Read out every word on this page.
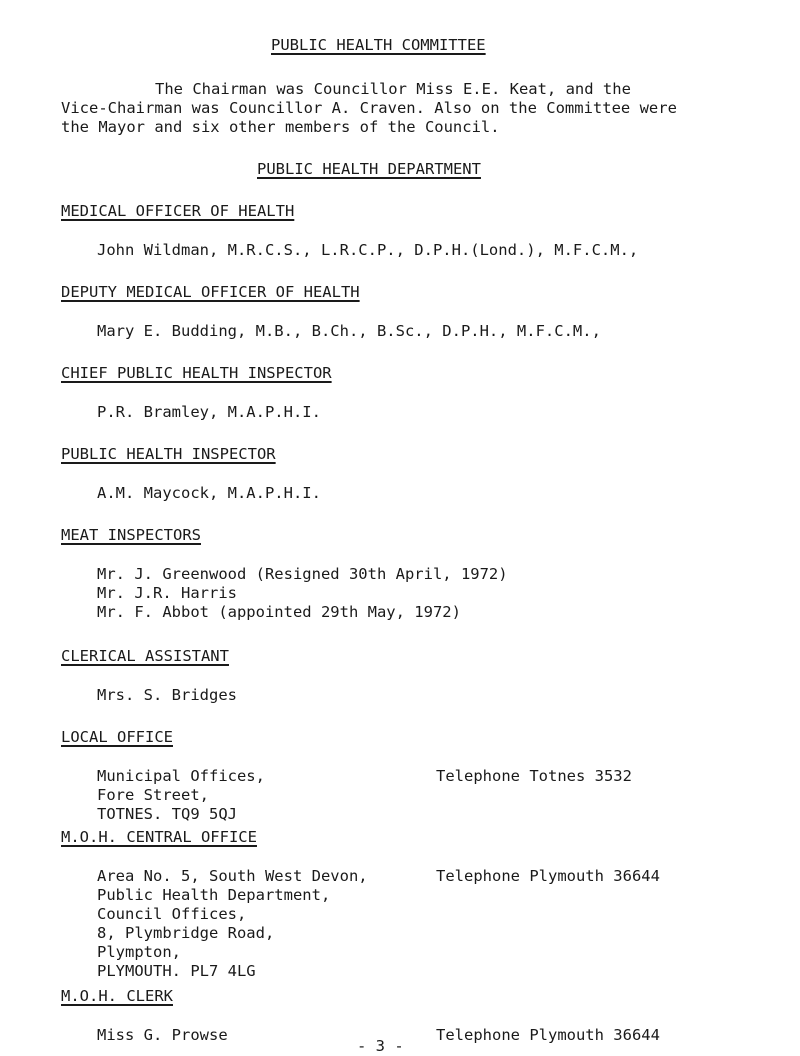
PUBLIC HEALTH COMMITTEE
The Chairman was Councillor Miss E.E. Keat, and the
Vice-Chairman was Councillor A. Craven. Also on the Committee were
the Mayor and six other members of the Council.
PUBLIC HEALTH DEPARTMENT
MEDICAL OFFICER OF HEALTH
John Wildman, M.R.C.S., L.R.C.P., D.P.H.(Lond.), M.F.C.M.,
DEPUTY MEDICAL OFFICER OF HEALTH
Mary E. Budding, M.B., B.Ch., B.Sc., D.P.H., M.F.C.M.,
CHIEF PUBLIC HEALTH INSPECTOR
P.R. Bramley, M.A.P.H.I.
PUBLIC HEALTH INSPECTOR
A.M. Maycock, M.A.P.H.I.
MEAT INSPECTORS
Mr. J. Greenwood (Resigned 30th April, 1972)
Mr. J.R. Harris
Mr. F. Abbot (appointed 29th May, 1972)
CLERICAL ASSISTANT
Mrs. S. Bridges
LOCAL OFFICE
Municipal Offices,
Fore Street,
TOTNES. TQ9 5QJ
Telephone Totnes 3532
M.O.H. CENTRAL OFFICE
Area No. 5, South West Devon,
Public Health Department,
Council Offices,
8, Plymbridge Road,
Plympton,
PLYMOUTH. PL7 4LG
Telephone Plymouth 36644
M.O.H. CLERK
Miss G. Prowse	Telephone Plymouth 36644
- 3 -
